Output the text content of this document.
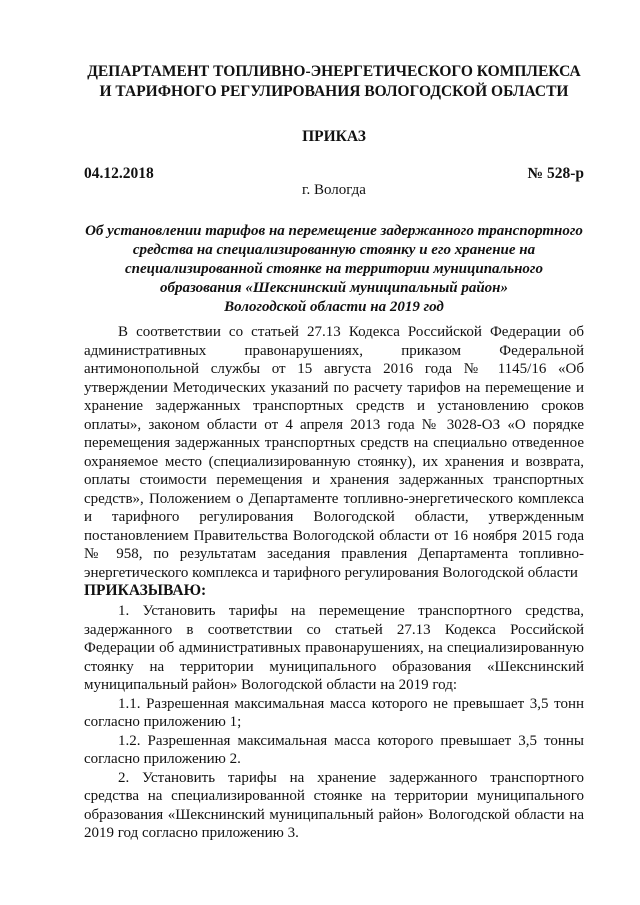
ДЕПАРТАМЕНТ ТОПЛИВНО-ЭНЕРГЕТИЧЕСКОГО КОМПЛЕКСА
И ТАРИФНОГО РЕГУЛИРОВАНИЯ ВОЛОГОДСКОЙ ОБЛАСТИ
ПРИКАЗ
04.12.2018	№ 528-р
г. Вологда
Об установлении тарифов на перемещение задержанного транспортного
средства на специализированную стоянку и его хранение на
специализированной стоянке на территории муниципального
образования «Шекснинский муниципальный район»
Вологодской области на 2019 год

В соответствии со статьей 27.13 Кодекса Российской Федерации об административных правонарушениях, приказом Федеральной антимонопольной службы от 15 августа 2016 года № 1145/16 «Об утверждении Методических указаний по расчету тарифов на перемещение и хранение задержанных транспортных средств и установлению сроков оплаты», законом области от 4 апреля 2013 года № 3028-ОЗ «О порядке перемещения задержанных транспортных средств на специально отведенное охраняемое место (специализированную стоянку), их хранения и возврата, оплаты стоимости перемещения и хранения задержанных транспортных средств», Положением о Департаменте топливно-энергетического комплекса и тарифного регулирования Вологодской области, утвержденным постановлением Правительства Вологодской области от 16 ноября 2015 года № 958, по результатам заседания правления Департамента топливно-энергетического комплекса и тарифного регулирования Вологодской области
ПРИКАЗЫВАЮ:

1. Установить тарифы на перемещение транспортного средства, задержанного в соответствии со статьей 27.13 Кодекса Российской Федерации об административных правонарушениях, на специализированную стоянку на территории муниципального образования «Шекснинский муниципальный район» Вологодской области на 2019 год:

1.1. Разрешенная максимальная масса которого не превышает 3,5 тонн согласно приложению 1;

1.2. Разрешенная максимальная масса которого превышает 3,5 тонны согласно приложению 2.

2. Установить тарифы на хранение задержанного транспортного средства на специализированной стоянке на территории муниципального образования «Шекснинский муниципальный район» Вологодской области на 2019 год согласно приложению 3.
